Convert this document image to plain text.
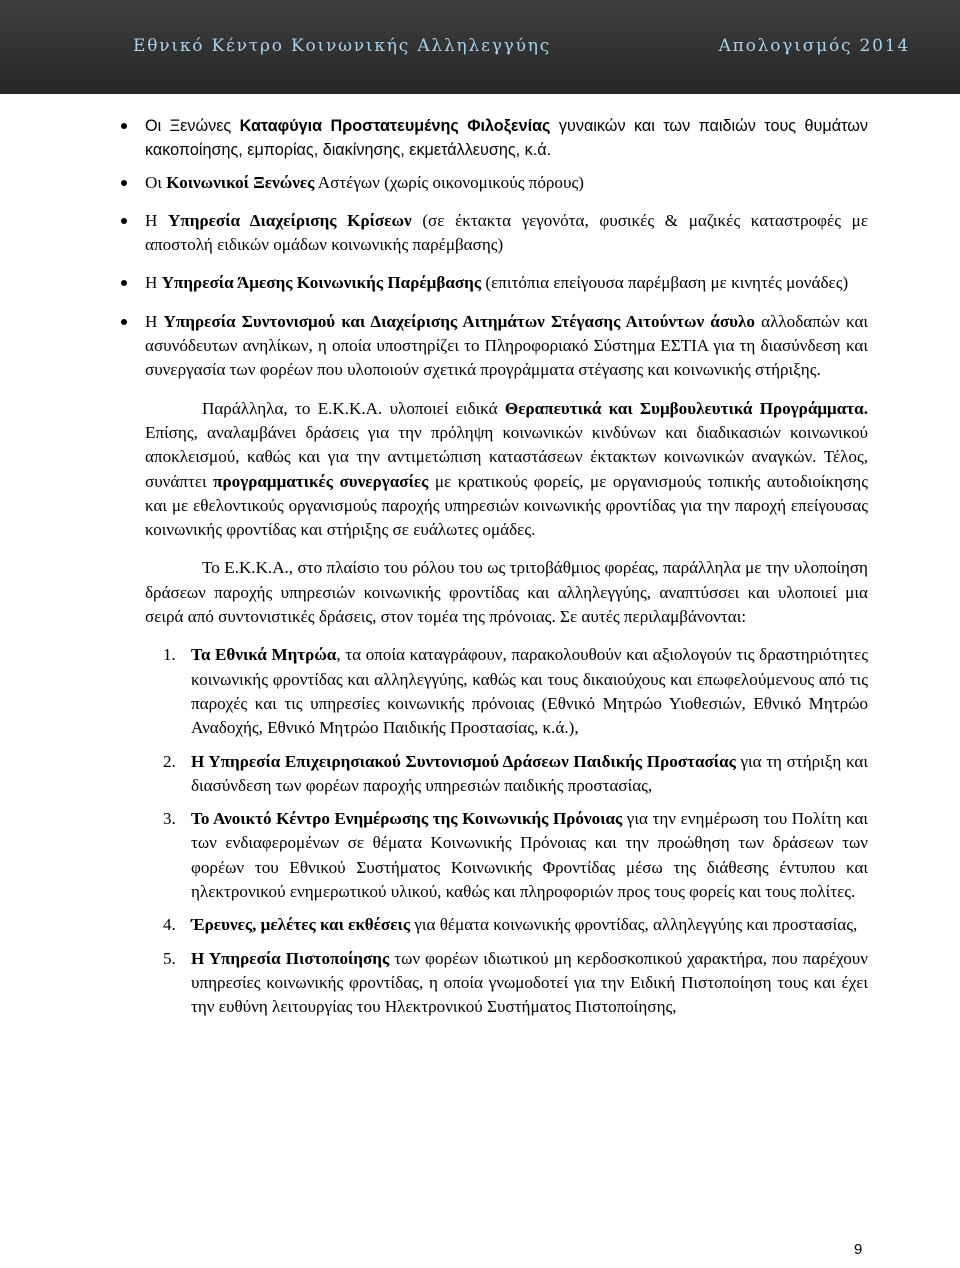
Εθνικό Κέντρο Κοινωνικής Αλληλεγγύης	Απολογισμός 2014
Οι Ξενώνες Καταφύγια Προστατευμένης Φιλοξενίας γυναικών και των παιδιών τους θυμάτων κακοποίησης, εμπορίας, διακίνησης, εκμετάλλευσης, κ.ά.
Οι Κοινωνικοί Ξενώνες Αστέγων (χωρίς οικονομικούς πόρους)
Η Υπηρεσία Διαχείρισης Κρίσεων (σε έκτακτα γεγονότα, φυσικές & μαζικές καταστροφές με αποστολή ειδικών ομάδων κοινωνικής παρέμβασης)
Η Υπηρεσία Άμεσης Κοινωνικής Παρέμβασης (επιτόπια επείγουσα παρέμβαση με κινητές μονάδες)
Η Υπηρεσία Συντονισμού και Διαχείρισης Αιτημάτων Στέγασης Αιτούντων άσυλο αλλοδαπών και ασυνόδευτων ανηλίκων, η οποία υποστηρίζει το Πληροφοριακό Σύστημα ΕΣΤΙΑ για τη διασύνδεση και συνεργασία των φορέων που υλοποιούν σχετικά προγράμματα στέγασης και κοινωνικής στήριξης.

Παράλληλα, το Ε.Κ.Κ.Α. υλοποιεί ειδικά Θεραπευτικά και Συμβουλευτικά Προγράμματα. Επίσης, αναλαμβάνει δράσεις για την πρόληψη κοινωνικών κινδύνων και διαδικασιών κοινωνικού αποκλεισμού, καθώς και για την αντιμετώπιση καταστάσεων έκτακτων κοινωνικών αναγκών. Τέλος, συνάπτει προγραμματικές συνεργασίες με κρατικούς φορείς, με οργανισμούς τοπικής αυτοδιοίκησης και με εθελοντικούς οργανισμούς παροχής υπηρεσιών κοινωνικής φροντίδας για την παροχή επείγουσας κοινωνικής φροντίδας και στήριξης σε ευάλωτες ομάδες.

Το Ε.Κ.Κ.Α., στο πλαίσιο του ρόλου του ως τριτοβάθμιος φορέας, παράλληλα με την υλοποίηση δράσεων παροχής υπηρεσιών κοινωνικής φροντίδας και αλληλεγγύης, αναπτύσσει και υλοποιεί μια σειρά από συντονιστικές δράσεις, στον τομέα της πρόνοιας. Σε αυτές περιλαμβάνονται:

1. Τα Εθνικά Μητρώα, τα οποία καταγράφουν, παρακολουθούν και αξιολογούν τις δραστηριότητες κοινωνικής φροντίδας και αλληλεγγύης, καθώς και τους δικαιούχους και επωφελούμενους από τις παροχές και τις υπηρεσίες κοινωνικής πρόνοιας (Εθνικό Μητρώο Υιοθεσιών, Εθνικό Μητρώο Αναδοχής, Εθνικό Μητρώο Παιδικής Προστασίας, κ.ά.),
2. Η Υπηρεσία Επιχειρησιακού Συντονισμού Δράσεων Παιδικής Προστασίας για τη στήριξη και διασύνδεση των φορέων παροχής υπηρεσιών παιδικής προστασίας,
3. Το Ανοικτό Κέντρο Ενημέρωσης της Κοινωνικής Πρόνοιας για την ενημέρωση του Πολίτη και των ενδιαφερομένων σε θέματα Κοινωνικής Πρόνοιας και την προώθηση των δράσεων των φορέων του Εθνικού Συστήματος Κοινωνικής Φροντίδας μέσω της διάθεσης έντυπου και ηλεκτρονικού ενημερωτικού υλικού, καθώς και πληροφοριών προς τους φορείς και τους πολίτες.
4. Έρευνες, μελέτες και εκθέσεις για θέματα κοινωνικής φροντίδας, αλληλεγγύης και προστασίας,
5. Η Υπηρεσία Πιστοποίησης των φορέων ιδιωτικού μη κερδοσκοπικού χαρακτήρα, που παρέχουν υπηρεσίες κοινωνικής φροντίδας, η οποία γνωμοδοτεί για την Ειδική Πιστοποίηση τους και έχει την ευθύνη λειτουργίας του Ηλεκτρονικού Συστήματος Πιστοποίησης,
9
